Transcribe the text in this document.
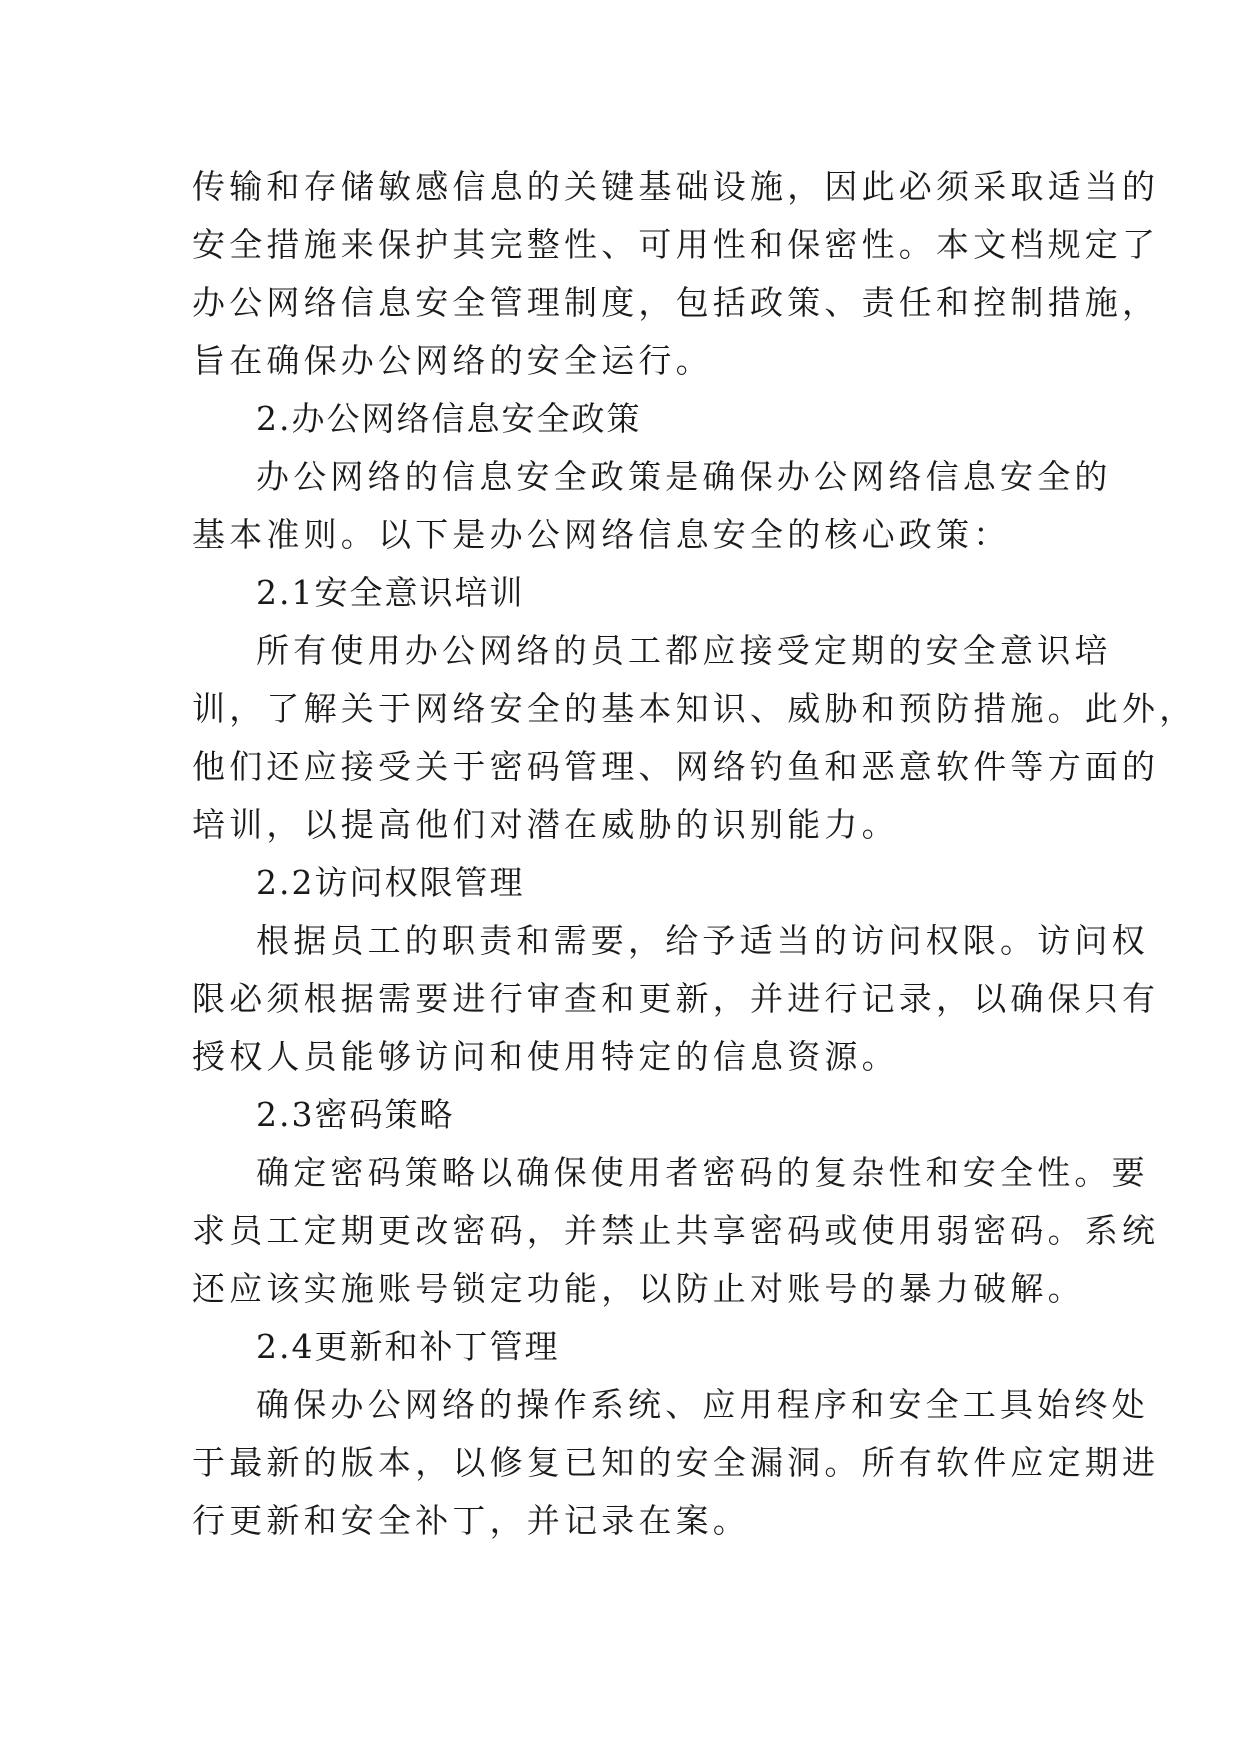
传输和存储敏感信息的关键基础设施，因此必须采取适当的
安全措施来保护其完整性、可用性和保密性。本文档规定了
办公网络信息安全管理制度，包括政策、责任和控制措施，
旨在确保办公网络的安全运行。
2.办公网络信息安全政策
办公网络的信息安全政策是确保办公网络信息安全的
基本准则。以下是办公网络信息安全的核心政策：
2.1安全意识培训
所有使用办公网络的员工都应接受定期的安全意识培
训，了解关于网络安全的基本知识、威胁和预防措施。此外，
他们还应接受关于密码管理、网络钓鱼和恶意软件等方面的
培训，以提高他们对潜在威胁的识别能力。
2.2访问权限管理
根据员工的职责和需要，给予适当的访问权限。访问权
限必须根据需要进行审查和更新，并进行记录，以确保只有
授权人员能够访问和使用特定的信息资源。
2.3密码策略
确定密码策略以确保使用者密码的复杂性和安全性。要
求员工定期更改密码，并禁止共享密码或使用弱密码。系统
还应该实施账号锁定功能，以防止对账号的暴力破解。
2.4更新和补丁管理
确保办公网络的操作系统、应用程序和安全工具始终处
于最新的版本，以修复已知的安全漏洞。所有软件应定期进
行更新和安全补丁，并记录在案。
